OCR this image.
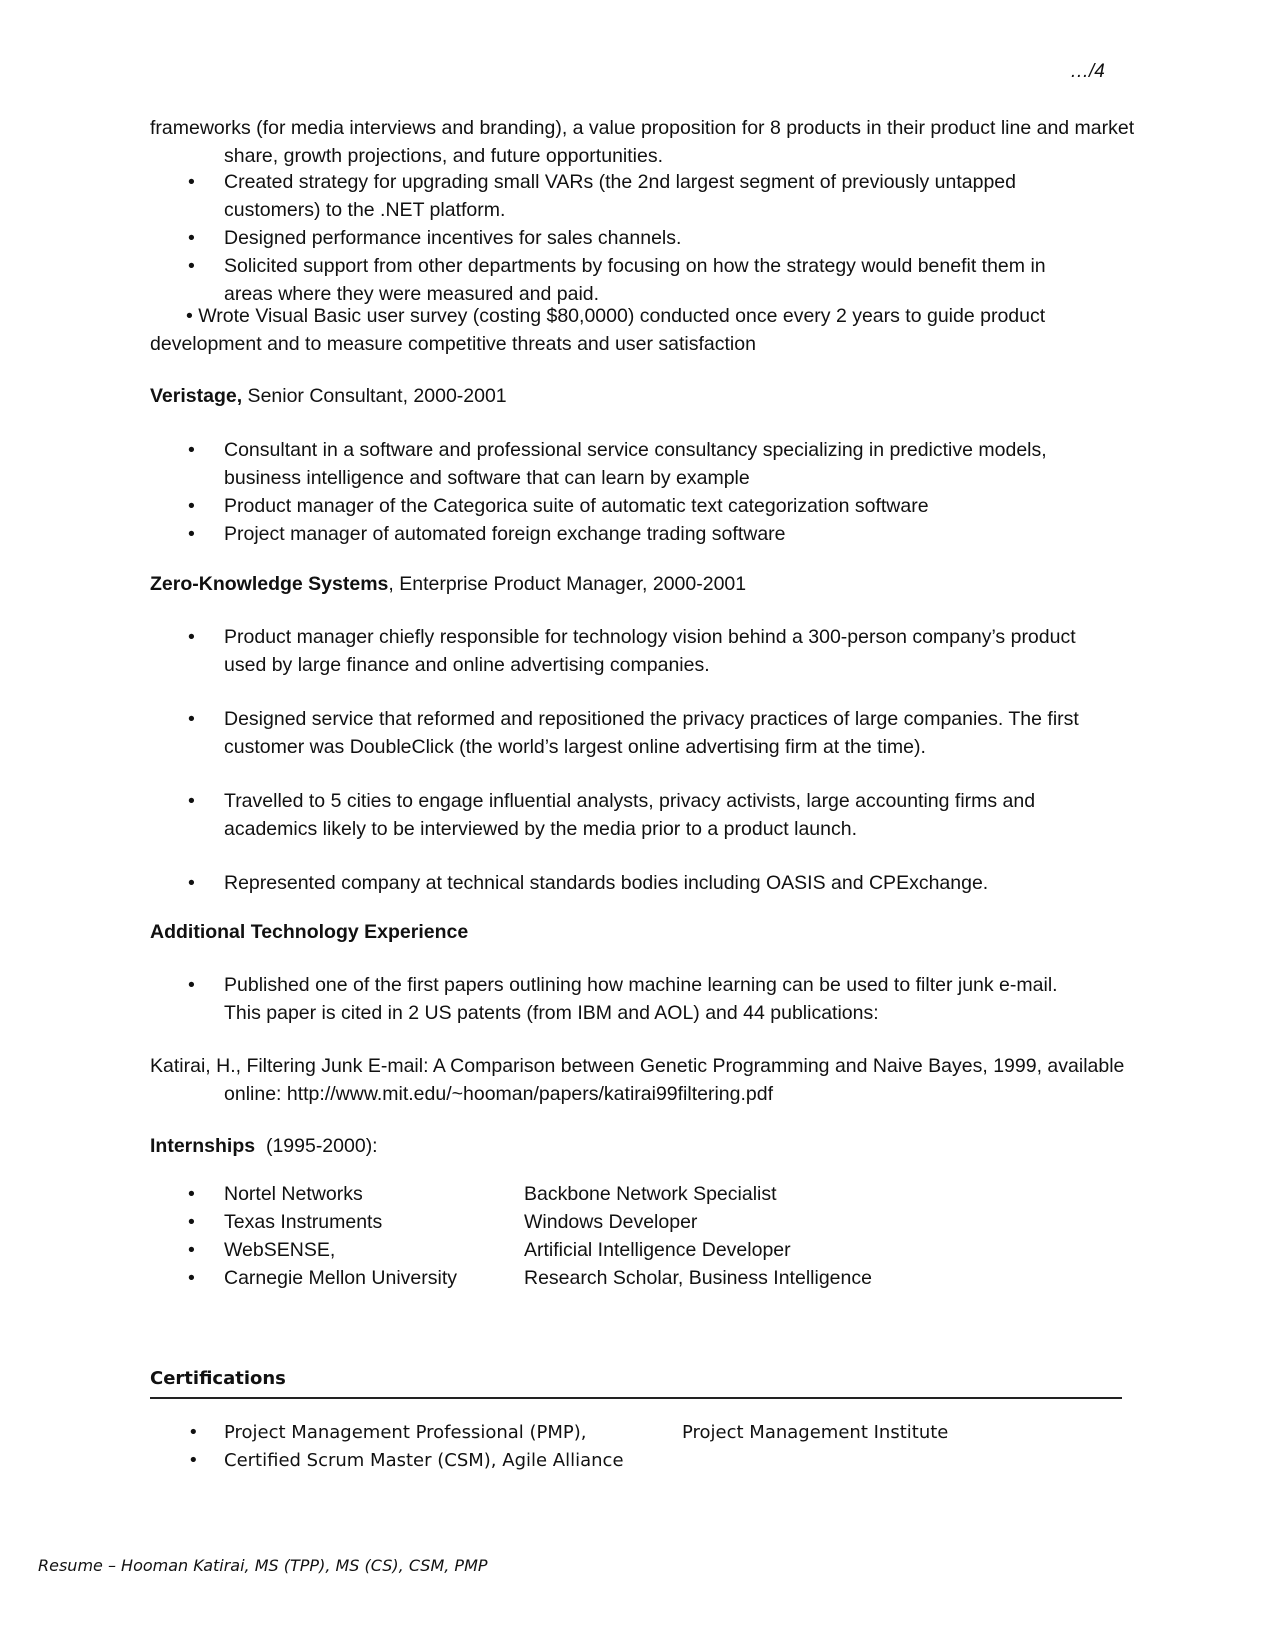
…/4
frameworks (for media interviews and branding), a value proposition for 8 products in their product line and market share, growth projections, and future opportunities.
• Created strategy for upgrading small VARs (the 2nd largest segment of previously untapped customers) to the .NET platform.
• Designed performance incentives for sales channels.
• Solicited support from other departments by focusing on how the strategy would benefit them in areas where they were measured and paid.
• Wrote Visual Basic user survey (costing $80,0000) conducted once every 2 years to guide product development and to measure competitive threats and user satisfaction
Veristage, Senior Consultant, 2000-2001
• Consultant in a software and professional service consultancy specializing in predictive models, business intelligence and software that can learn by example
• Product manager of the Categorica suite of automatic text categorization software
• Project manager of automated foreign exchange trading software
Zero-Knowledge Systems, Enterprise Product Manager, 2000-2001
• Product manager chiefly responsible for technology vision behind a 300-person company’s product used by large finance and online advertising companies.
• Designed service that reformed and repositioned the privacy practices of large companies. The first customer was DoubleClick (the world’s largest online advertising firm at the time).
• Travelled to 5 cities to engage influential analysts, privacy activists, large accounting firms and academics likely to be interviewed by the media prior to a product launch.
• Represented company at technical standards bodies including OASIS and CPExchange.
Additional Technology Experience
• Published one of the first papers outlining how machine learning can be used to filter junk e-mail. This paper is cited in 2 US patents (from IBM and AOL) and 44 publications:
Katirai, H., Filtering Junk E-mail: A Comparison between Genetic Programming and Naive Bayes, 1999, available online: http://www.mit.edu/~hooman/papers/katirai99filtering.pdf
Internships  (1995-2000):
• Nortel Networks	Backbone Network Specialist
• Texas Instruments	Windows Developer
• WebSENSE,	Artificial Intelligence Developer
• Carnegie Mellon University	Research Scholar, Business Intelligence
Certifications
• Project Management Professional (PMP),	Project Management Institute
• Certified Scrum Master (CSM), Agile Alliance
Resume – Hooman Katirai, MS (TPP), MS (CS), CSM, PMP
